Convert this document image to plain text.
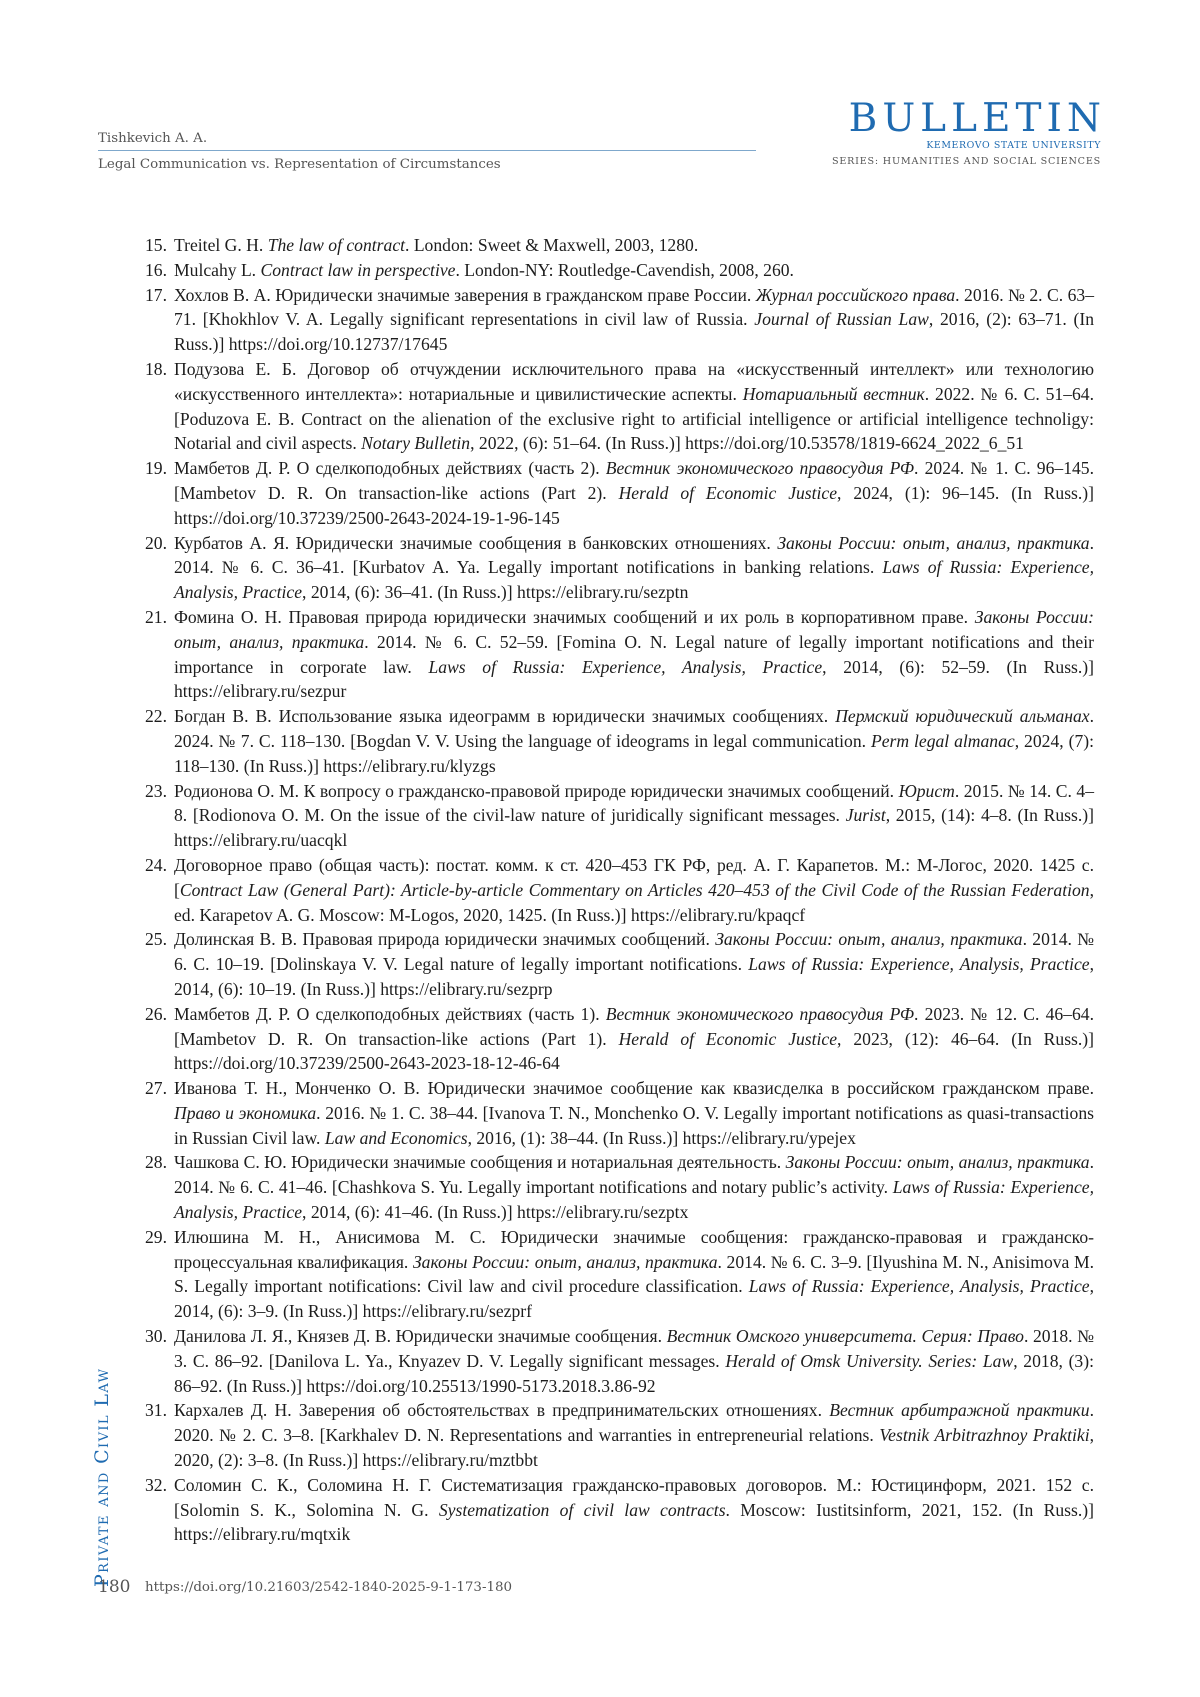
Tishkevich A. A.
Legal Communication vs. Representation of Circumstances
BULLETIN
KEMEROVO STATE UNIVERSITY
SERIES: HUMANITIES AND SOCIAL SCIENCES
15. Treitel G. H. The law of contract. London: Sweet & Maxwell, 2003, 1280.
16. Mulcahy L. Contract law in perspective. London-NY: Routledge-Cavendish, 2008, 260.
17. Хохлов В. А. Юридически значимые заверения в гражданском праве России. Журнал российского права. 2016. № 2. С. 63–71. [Khokhlov V. A. Legally significant representations in civil law of Russia. Journal of Russian Law, 2016, (2): 63–71. (In Russ.)] https://doi.org/10.12737/17645
18. Подузова Е. Б. Договор об отчуждении исключительного права на «искусственный интеллект» или технологию «искусственного интеллекта»: нотариальные и цивилистические аспекты. Нотариальный вестник. 2022. № 6. С. 51–64. [Poduzova E. B. Contract on the alienation of the exclusive right to artificial intelligence or artificial intelligence technoligy: Notarial and civil aspects. Notary Bulletin, 2022, (6): 51–64. (In Russ.)] https://doi.org/10.53578/1819-6624_2022_6_51
19. Мамбетов Д. Р. О сделкоподобных действиях (часть 2). Вестник экономического правосудия РФ. 2024. № 1. С. 96–145. [Mambetov D. R. On transaction-like actions (Part 2). Herald of Economic Justice, 2024, (1): 96–145. (In Russ.)] https://doi.org/10.37239/2500-2643-2024-19-1-96-145
20. Курбатов А. Я. Юридически значимые сообщения в банковских отношениях. Законы России: опыт, анализ, практика. 2014. № 6. С. 36–41. [Kurbatov A. Ya. Legally important notifications in banking relations. Laws of Russia: Experience, Analysis, Practice, 2014, (6): 36–41. (In Russ.)] https://elibrary.ru/sezptn
21. Фомина О. Н. Правовая природа юридически значимых сообщений и их роль в корпоративном праве. Законы России: опыт, анализ, практика. 2014. № 6. С. 52–59. [Fomina O. N. Legal nature of legally important notifications and their importance in corporate law. Laws of Russia: Experience, Analysis, Practice, 2014, (6): 52–59. (In Russ.)] https://elibrary.ru/sezpur
22. Богдан В. В. Использование языка идеограмм в юридически значимых сообщениях. Пермский юридический альманах. 2024. № 7. С. 118–130. [Bogdan V. V. Using the language of ideograms in legal communication. Perm legal almanac, 2024, (7): 118–130. (In Russ.)] https://elibrary.ru/klyzgs
23. Родионова О. М. К вопросу о гражданско-правовой природе юридически значимых сообщений. Юрист. 2015. № 14. С. 4–8. [Rodionova O. M. On the issue of the civil-law nature of juridically significant messages. Jurist, 2015, (14): 4–8. (In Russ.)] https://elibrary.ru/uacqkl
24. Договорное право (общая часть): постат. комм. к ст. 420–453 ГК РФ, ред. А. Г. Карапетов. М.: М-Логос, 2020. 1425 с. [Contract Law (General Part): Article-by-article Commentary on Articles 420–453 of the Civil Code of the Russian Federation, ed. Karapetov A. G. Moscow: M-Logos, 2020, 1425. (In Russ.)] https://elibrary.ru/kpaqcf
25. Долинская В. В. Правовая природа юридически значимых сообщений. Законы России: опыт, анализ, практика. 2014. № 6. С. 10–19. [Dolinskaya V. V. Legal nature of legally important notifications. Laws of Russia: Experience, Analysis, Practice, 2014, (6): 10–19. (In Russ.)] https://elibrary.ru/sezprp
26. Мамбетов Д. Р. О сделкоподобных действиях (часть 1). Вестник экономического правосудия РФ. 2023. № 12. С. 46–64. [Mambetov D. R. On transaction-like actions (Part 1). Herald of Economic Justice, 2023, (12): 46–64. (In Russ.)] https://doi.org/10.37239/2500-2643-2023-18-12-46-64
27. Иванова Т. Н., Монченко О. В. Юридически значимое сообщение как квазисделка в российском гражданском праве. Право и экономика. 2016. № 1. С. 38–44. [Ivanova T. N., Monchenko O. V. Legally important notifications as quasi-transactions in Russian Civil law. Law and Economics, 2016, (1): 38–44. (In Russ.)] https://elibrary.ru/ypejex
28. Чашкова С. Ю. Юридически значимые сообщения и нотариальная деятельность. Законы России: опыт, анализ, практика. 2014. № 6. С. 41–46. [Chashkova S. Yu. Legally important notifications and notary public’s activity. Laws of Russia: Experience, Analysis, Practice, 2014, (6): 41–46. (In Russ.)] https://elibrary.ru/sezptx
29. Илюшина М. Н., Анисимова М. С. Юридически значимые сообщения: гражданско-правовая и гражданско-процессуальная квалификация. Законы России: опыт, анализ, практика. 2014. № 6. С. 3–9. [Ilyushina M. N., Anisimova M. S. Legally important notifications: Civil law and civil procedure classification. Laws of Russia: Experience, Analysis, Practice, 2014, (6): 3–9. (In Russ.)] https://elibrary.ru/sezprf
30. Данилова Л. Я., Князев Д. В. Юридически значимые сообщения. Вестник Омского университета. Серия: Право. 2018. № 3. С. 86–92. [Danilova L. Ya., Knyazev D. V. Legally significant messages. Herald of Omsk University. Series: Law, 2018, (3): 86–92. (In Russ.)] https://doi.org/10.25513/1990-5173.2018.3.86-92
31. Кархалев Д. Н. Заверения об обстоятельствах в предпринимательских отношениях. Вестник арбитражной практики. 2020. № 2. С. 3–8. [Karkhalev D. N. Representations and warranties in entrepreneurial relations. Vestnik Arbitrazhnoy Praktiki, 2020, (2): 3–8. (In Russ.)] https://elibrary.ru/mztbbt
32. Соломин С. К., Соломина Н. Г. Систематизация гражданско-правовых договоров. М.: Юстицинформ, 2021. 152 с. [Solomin S. K., Solomina N. G. Systematization of civil law contracts. Moscow: Iustitsinform, 2021, 152. (In Russ.)] https://elibrary.ru/mqtxik
Private and Civil Law
180 https://doi.org/10.21603/2542-1840-2025-9-1-173-180
